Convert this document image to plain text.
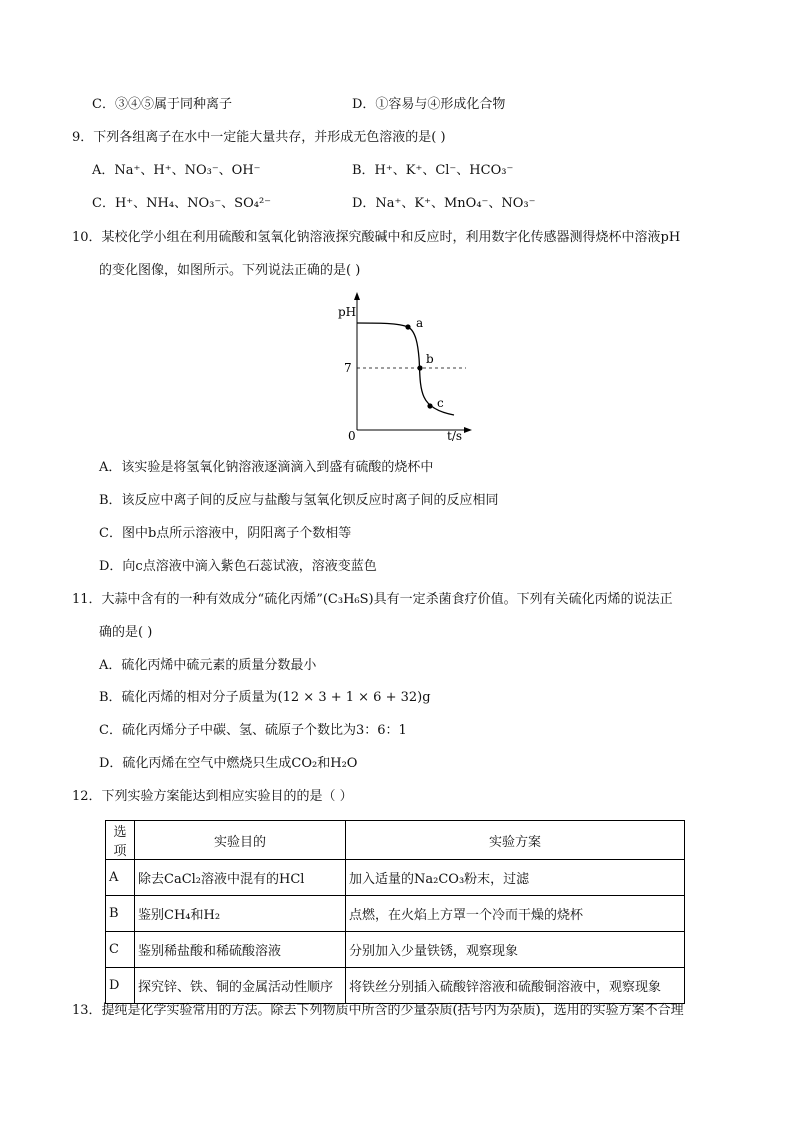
C．③④⑤属于同种离子	D．①容易与④形成化合物
9．下列各组离子在水中一定能大量共存，并形成无色溶液的是( )
A．Na⁺、H⁺、NO₃⁻、OH⁻	B．H⁺、K⁺、Cl⁻、HCO₃⁻
C．H⁺、NH₄、NO₃⁻、SO₄²⁻	D．Na⁺、K⁺、MnO₄⁻、NO₃⁻
10．某校化学小组在利用硫酸和氢氧化钠溶液探究酸碱中和反应时，利用数字化传感器测得烧杯中溶液pH
的变化图像，如图所示。下列说法正确的是( )
pH
t/s
0
7
a
b
c
A．该实验是将氢氧化钠溶液逐滴滴入到盛有硫酸的烧杯中
B．该反应中离子间的反应与盐酸与氢氧化钡反应时离子间的反应相同
C．图中b点所示溶液中，阴阳离子个数相等
D．向c点溶液中滴入紫色石蕊试液，溶液变蓝色
11．大蒜中含有的一种有效成分“硫化丙烯”(C₃H₆S)具有一定杀菌食疗价值。下列有关硫化丙烯的说法正
确的是( )
A．硫化丙烯中硫元素的质量分数最小
B．硫化丙烯的相对分子质量为(12 × 3 + 1 × 6 + 32)g
C．硫化丙烯分子中碳、氢、硫原子个数比为3：6：1
D．硫化丙烯在空气中燃烧只生成CO₂和H₂O
12．下列实验方案能达到相应实验目的的是（ ）
选项	实验目的	实验方案
A	除去CaCl₂溶液中混有的HCl	加入适量的Na₂CO₃粉末，过滤
B	鉴别CH₄和H₂	点燃，在火焰上方罩一个冷而干燥的烧杯
C	鉴别稀盐酸和稀硫酸溶液	分别加入少量铁锈，观察现象
D	探究锌、铁、铜的金属活动性顺序	将铁丝分别插入硫酸锌溶液和硫酸铜溶液中，观察现象
13．提纯是化学实验常用的方法。除去下列物质中所含的少量杂质(括号内为杂质)，选用的实验方案不合理
